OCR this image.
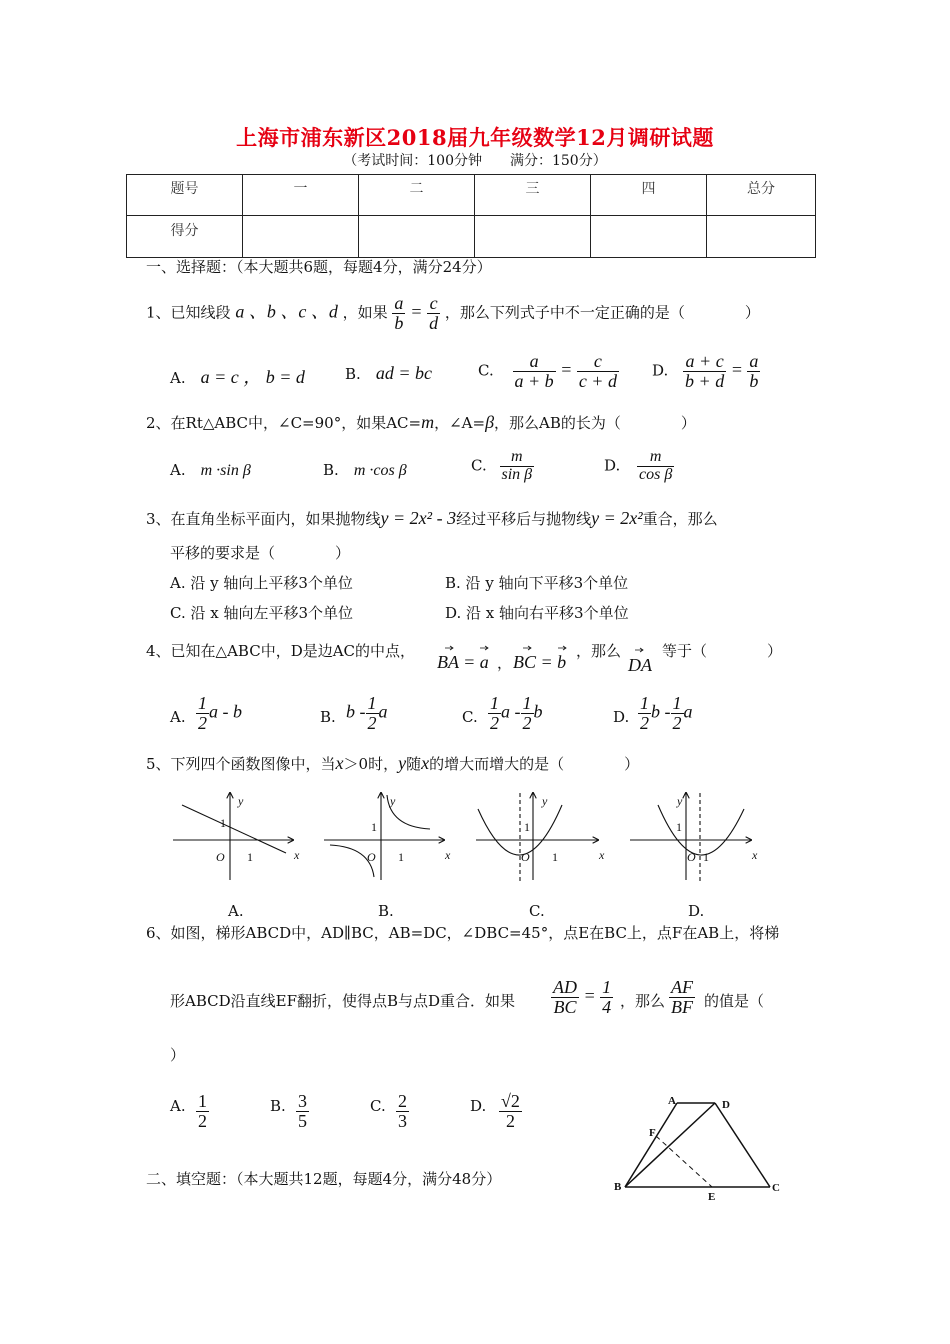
上海市浦东新区2018届九年级数学12月调研试题
（考试时间：100分钟　　满分：150分）
题号	一	二	三	四	总分
得分					
一、选择题：（本大题共6题，每题4分，满分24分）
1、已知线段 a 、b 、c 、d ，如果 $\frac{a}{b} = \frac{c}{d}$ ，那么下列式子中不一定正确的是（　　　　）
A.　 a = c ， b = d	B.　 ad = bc	C. $\frac{a}{a + b} = \frac{c}{c + d} D$. $\frac{a + c}{b + d} = \frac{a}{b}$
2、在Rt△ABC中，∠C=90°，如果AC=m，∠A=β，那么AB的长为（　　　　）
A.　 m ·sin β	B.　 m ·cos β	C. $\frac{m}{\text{sin β}}$	D. $\frac{m}{\text{cos β}}$
3、在直角坐标平面内，如果抛物线y = 2x² - 3经过平移后与抛物线y = 2x²重合，那么
平移的要求是（　　　　）
A. 沿 y 轴向上平移3个单位	B. 沿 y 轴向下平移3个单位
C. 沿 x 轴向左平移3个单位	D. 沿 x 轴向右平移3个单位
4、已知在△ABC中，D是边AC的中点，
BA = a BC = b
，
，那么
DA
等于（　　　　）
A. $\frac{1}{2}$ a - b	B. b - $\frac{1}{2}$ a	C. $\frac{1}{2}$ a - $\frac{1}{2}$ b	D. $\frac{1}{2}$ b - $\frac{1}{2}$ a
5、下列四个函数图像中，当x＞0时，y随x的增大而增大的是（　　　　）
y
x
O
y
x
O
y
x
O
y
x
O
1
1
1
1
1
1
1
1
A.	B.	C.	D.
6、如图，梯形ABCD中，AD∥BC，AB=DC，∠DBC=45°，点E在BC上，点F在AB上，将梯
形ABCD沿直线EF翻折，使得点B与点D重合．如果 $\frac{AD}{BC} = \frac{1}{4}$ ，那么 $\frac{AF}{BF}$ 的值是（
）
A. $\frac{1}{2}$	B. $\frac{3}{5}$	C. $\frac{2}{3}$	D. $\frac{√2}{2}$	A	D
F
B
E
C
二、填空题：（本大题共12题，每题4分，满分48分）
